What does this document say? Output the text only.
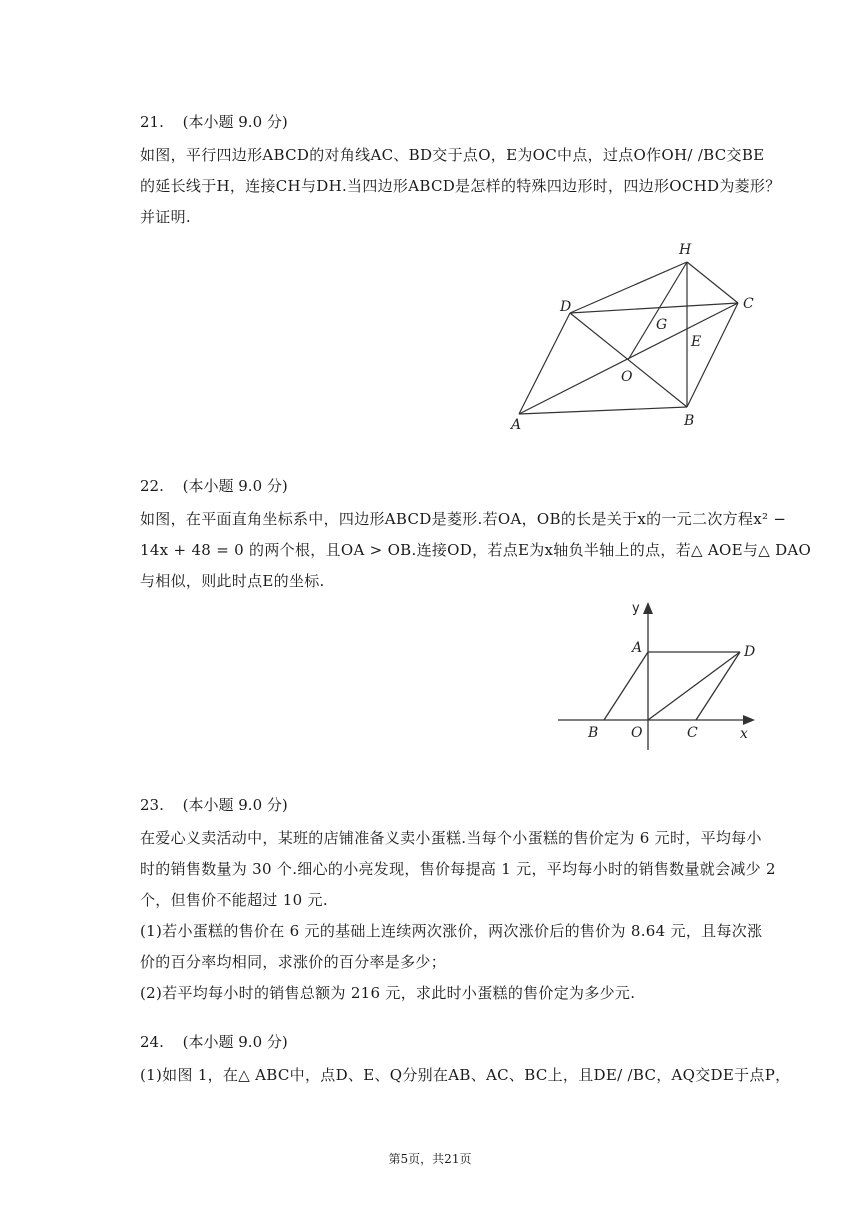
21. (本小题 9.0 分)

如图，平行四边形ABCD的对角线AC、BD交于点O，E为OC中点，过点O作OH/ /BC交BE

的延长线于H，连接CH与DH.当四边形ABCD是怎样的特殊四边形时，四边形OCHD为菱形？

并证明.

H
D	C
G
E
O
A	B
22. (本小题 9.0 分)

如图，在平面直角坐标系中，四边形ABCD是菱形.若OA，OB的长是关于x的一元二次方程x² −

14x + 48 = 0 的两个根，且OA > OB.连接OD，若点E为x轴负半轴上的点，若△ AOE与△ DAO

与相似，则此时点E的坐标.

y
x
A	D
B O	C
23. (本小题 9.0 分)

在爱心义卖活动中，某班的店铺准备义卖小蛋糕.当每个小蛋糕的售价定为 6 元时，平均每小

时的销售数量为 30 个.细心的小亮发现，售价每提高 1 元，平均每小时的销售数量就会减少 2

个，但售价不能超过 10 元.

(1)若小蛋糕的售价在 6 元的基础上连续两次涨价，两次涨价后的售价为 8.64 元，且每次涨

价的百分率均相同，求涨价的百分率是多少；

(2)若平均每小时的销售总额为 216 元，求此时小蛋糕的售价定为多少元.

24. (本小题 9.0 分)

(1)如图 1，在△ ABC中，点D、E、Q分别在AB、AC、BC上，且DE/ /BC，AQ交DE于点P，

第5页，共21页
